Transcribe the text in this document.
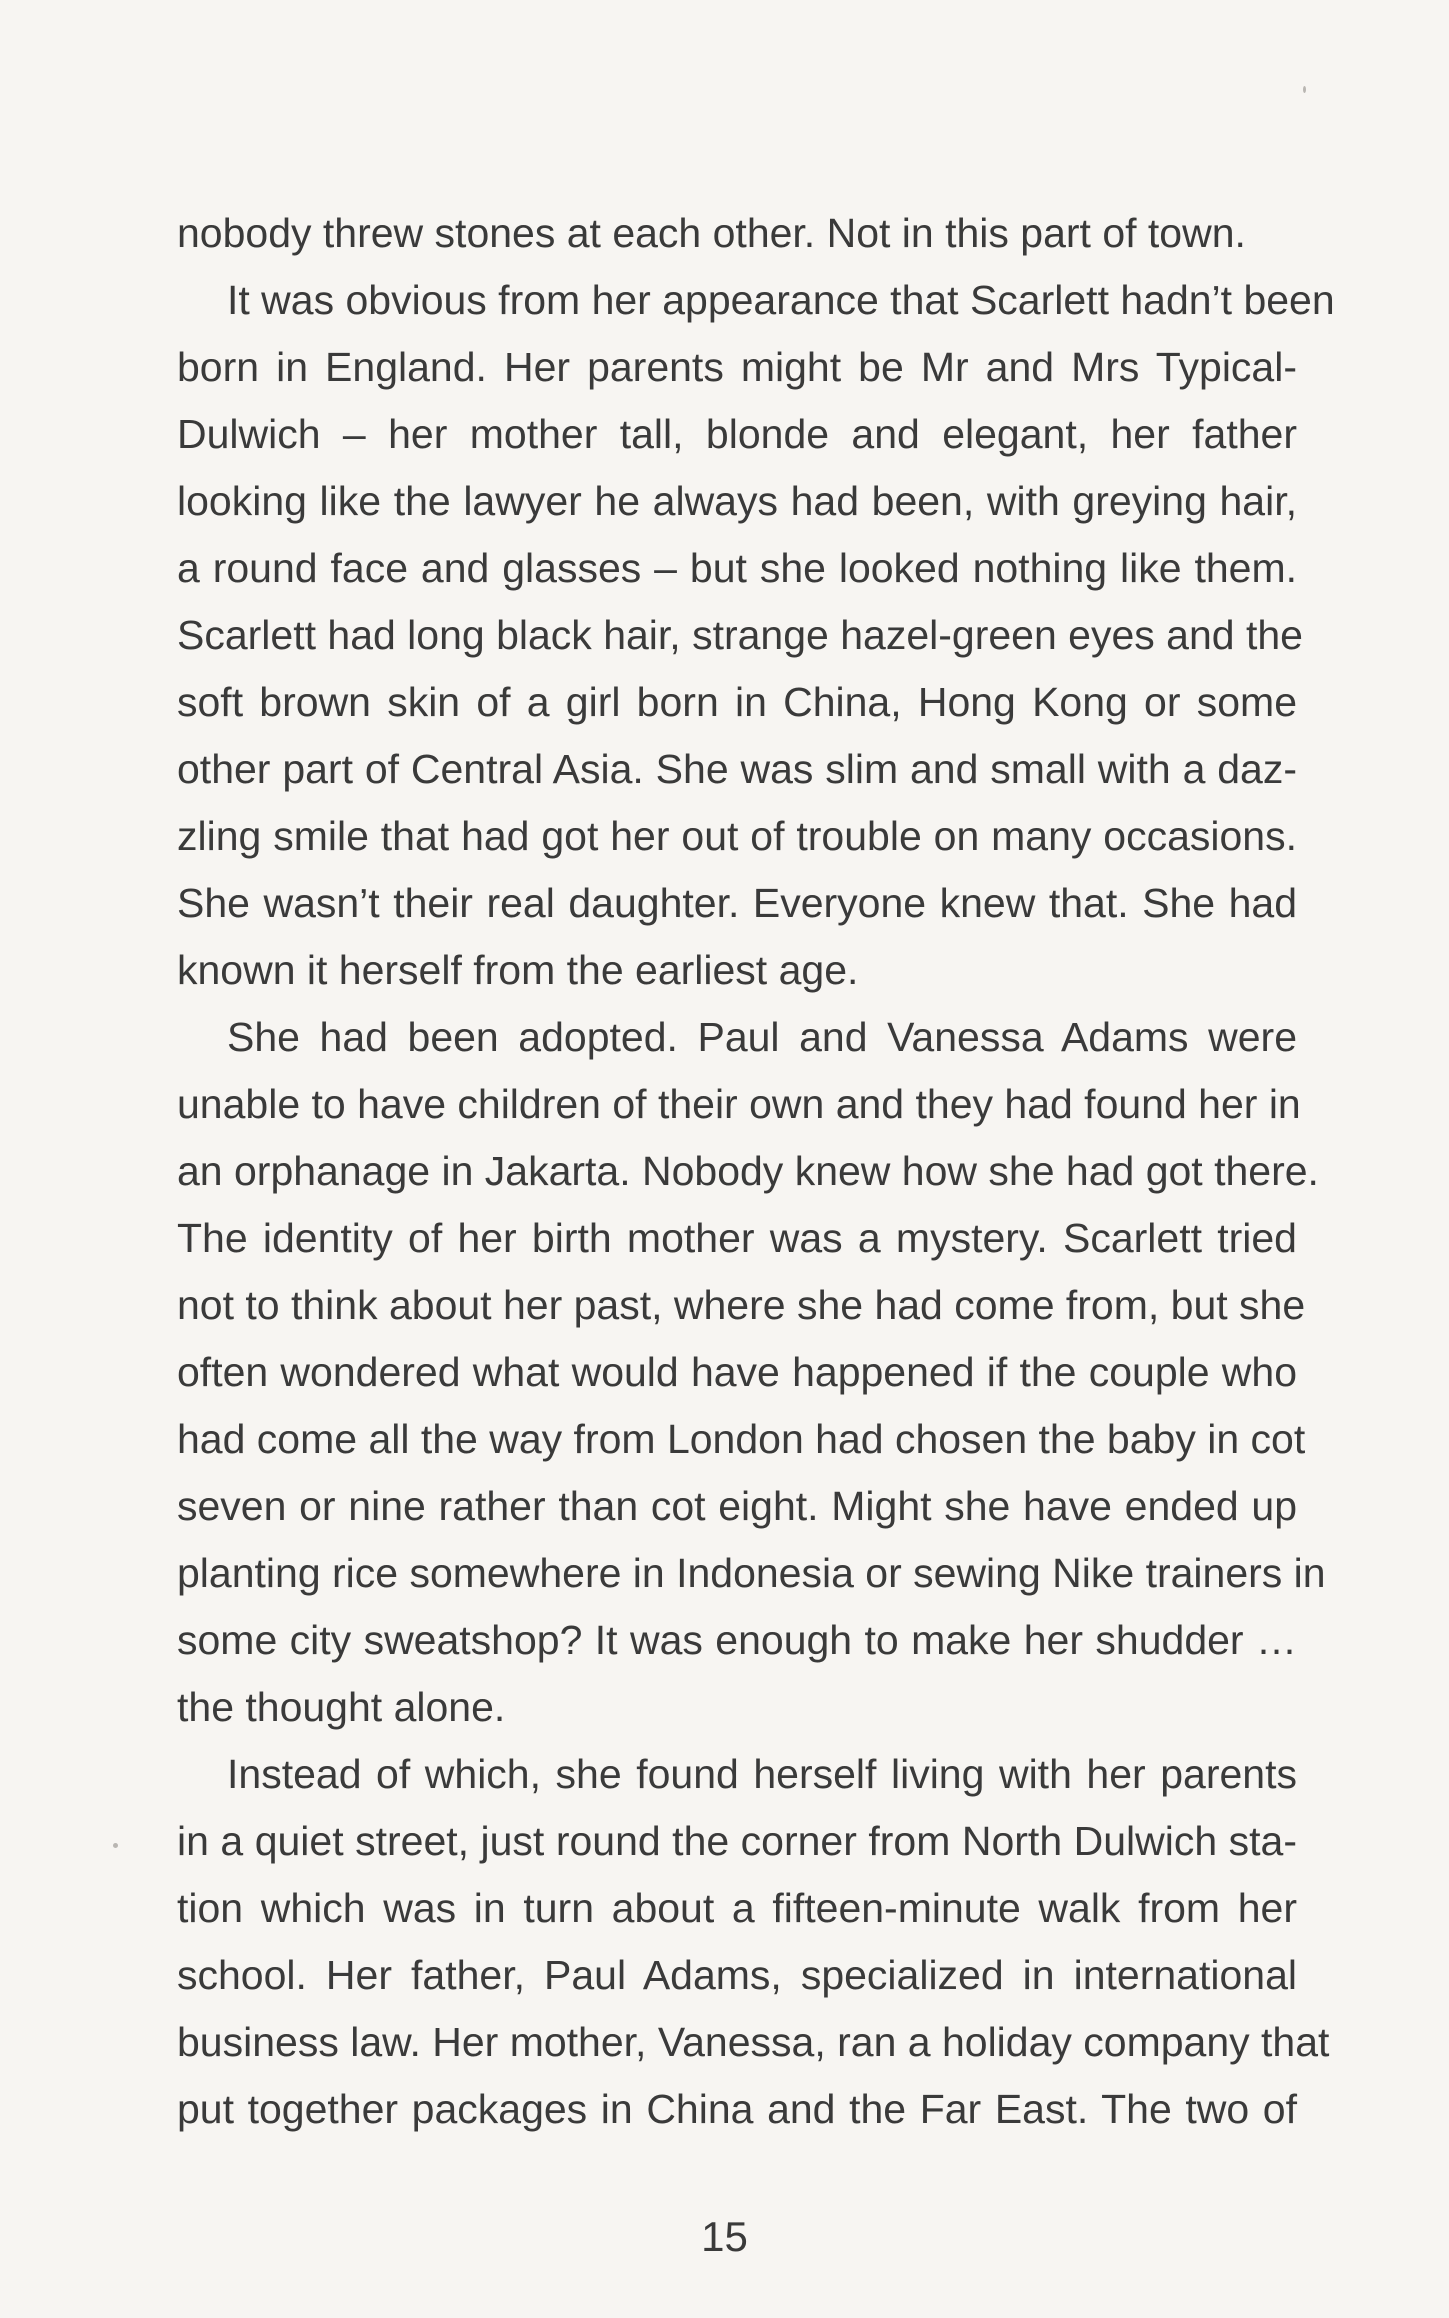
nobody threw stones at each other. Not in this part of town.
It was obvious from her appearance that Scarlett hadn’t been
born in England. Her parents might be Mr and Mrs Typical-
Dulwich – her mother tall, blonde and elegant, her father
looking like the lawyer he always had been, with greying hair,
a round face and glasses – but she looked nothing like them.
Scarlett had long black hair, strange hazel-green eyes and the
soft brown skin of a girl born in China, Hong Kong or some
other part of Central Asia. She was slim and small with a daz-
zling smile that had got her out of trouble on many occasions.
She wasn’t their real daughter. Everyone knew that. She had
known it herself from the earliest age.
She had been adopted. Paul and Vanessa Adams were
unable to have children of their own and they had found her in
an orphanage in Jakarta. Nobody knew how she had got there.
The identity of her birth mother was a mystery. Scarlett tried
not to think about her past, where she had come from, but she
often wondered what would have happened if the couple who
had come all the way from London had chosen the baby in cot
seven or nine rather than cot eight. Might she have ended up
planting rice somewhere in Indonesia or sewing Nike trainers in
some city sweatshop? It was enough to make her shudder …
the thought alone.
Instead of which, she found herself living with her parents
in a quiet street, just round the corner from North Dulwich sta-
tion which was in turn about a fifteen-minute walk from her
school. Her father, Paul Adams, specialized in international
business law. Her mother, Vanessa, ran a holiday company that
put together packages in China and the Far East. The two of
15
